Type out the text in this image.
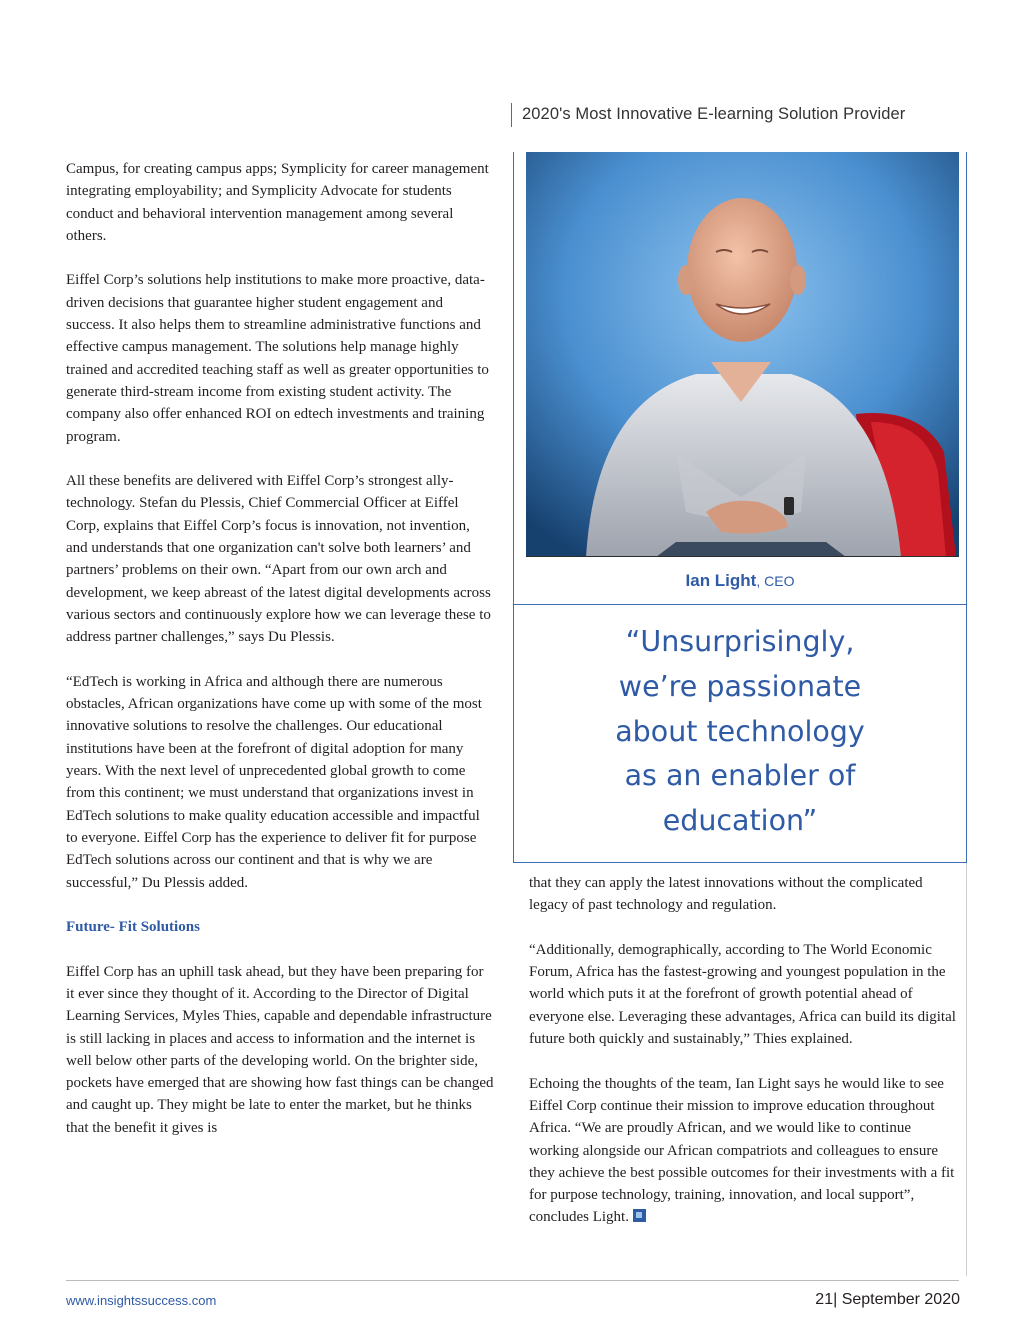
2020's Most Innovative E-learning Solution Provider

Campus, for creating campus apps; Symplicity for career management integrating employability; and Symplicity Advocate for students conduct and behavioral intervention management among several others.

Eiffel Corp’s solutions help institutions to make more proactive, data-driven decisions that guarantee higher student engagement and success. It also helps them to streamline administrative functions and effective campus management. The solutions help manage highly trained and accredited teaching staff as well as greater opportunities to generate third-stream income from existing student activity. The company also offer enhanced ROI on edtech investments and training program.

All these benefits are delivered with Eiffel Corp’s strongest ally- technology. Stefan du Plessis, Chief Commercial Officer at Eiffel Corp, explains that Eiffel Corp’s focus is innovation, not invention, and understands that one organization can't solve both learners’ and partners’ problems on their own. “Apart from our own arch and development, we keep abreast of the latest digital developments across various sectors and continuously explore how we can leverage these to address partner challenges,” says Du Plessis.

“EdTech is working in Africa and although there are numerous obstacles, African organizations have come up with some of the most innovative solutions to resolve the challenges. Our educational institutions have been at the forefront of digital adoption for many years. With the next level of unprecedented global growth to come from this continent; we must understand that organizations invest in EdTech solutions to make quality education accessible and impactful to everyone. Eiffel Corp has the experience to deliver fit for purpose EdTech solutions across our continent and that is why we are successful,” Du Plessis added.

Future- Fit Solutions

Eiffel Corp has an uphill task ahead, but they have been preparing for it ever since they thought of it. According to the Director of Digital Learning Services, Myles Thies, capable and dependable infrastructure is still lacking in places and access to information and the internet is well below other parts of the developing world. On the brighter side, pockets have emerged that are showing how fast things can be changed and caught up. They might be late to enter the market, but he thinks that the benefit it gives is

Ian Light, CEO
“Unsurprisingly,
we’re passionate
about technology
as an enabler of
education”

that they can apply the latest innovations without the complicated legacy of past technology and regulation.

“Additionally, demographically, according to The World Economic Forum, Africa has the fastest-growing and youngest population in the world which puts it at the forefront of growth potential ahead of everyone else. Leveraging these advantages, Africa can build its digital future both quickly and sustainably,” Thies explained.

Echoing the thoughts of the team, Ian Light says he would like to see Eiffel Corp continue their mission to improve education throughout Africa. “We are proudly African, and we would like to continue working alongside our African compatriots and colleagues to ensure they achieve the best possible outcomes for their investments with a fit for purpose technology, training, innovation, and local support”, concludes Light.

www.insightssuccess.com	21| September 2020
